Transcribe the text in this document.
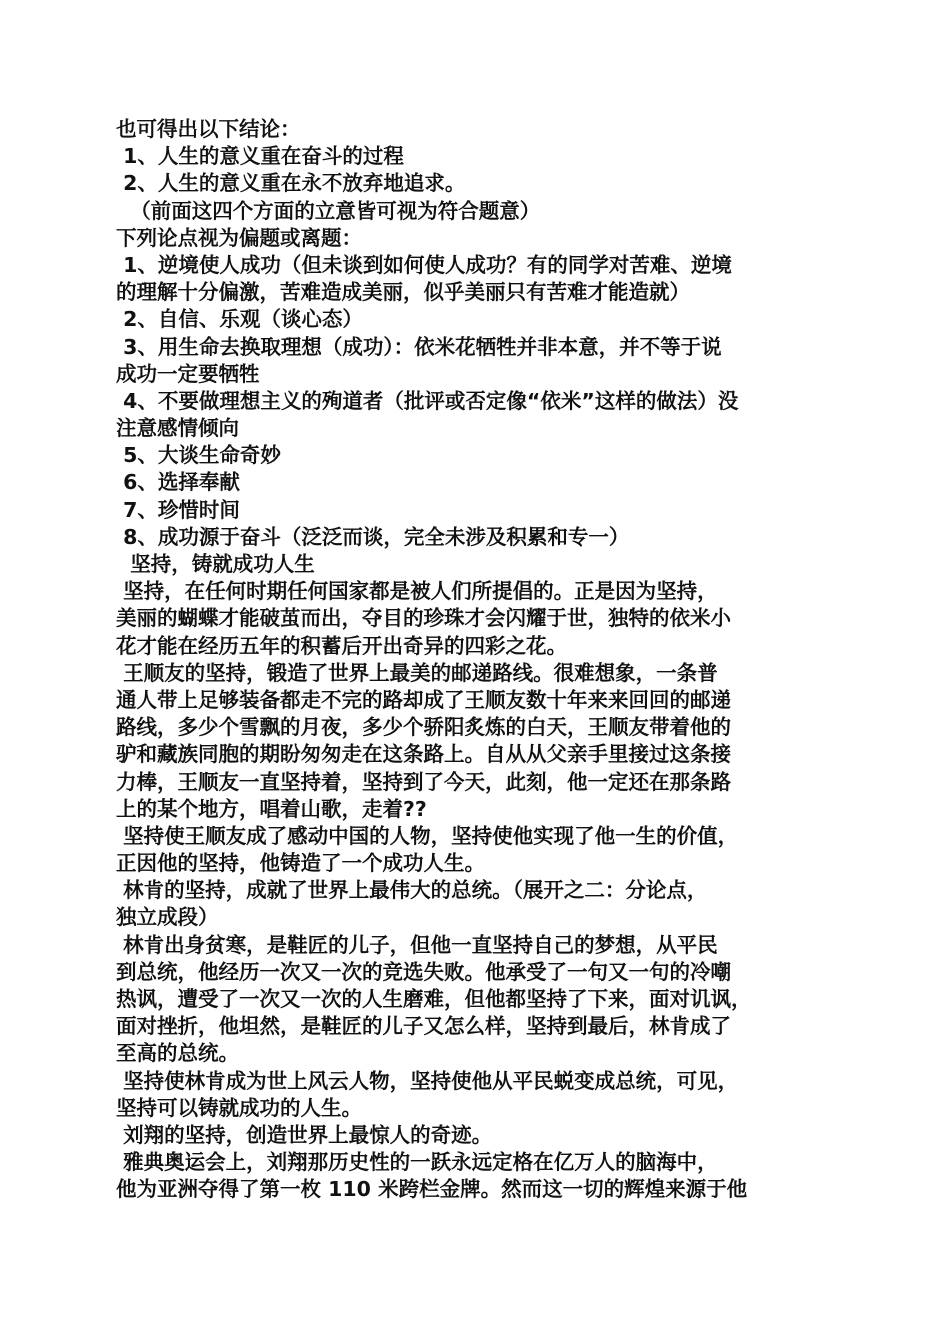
也可得出以下结论：
1、人生的意义重在奋斗的过程
2、人生的意义重在永不放弃地追求。
（前面这四个方面的立意皆可视为符合题意）
下列论点视为偏题或离题：
1、逆境使人成功（但未谈到如何使人成功？有的同学对苦难、逆境
的理解十分偏激，苦难造成美丽，似乎美丽只有苦难才能造就）
2、自信、乐观（谈心态）
3、用生命去换取理想（成功）：依米花牺牲并非本意，并不等于说
成功一定要牺牲
4、不要做理想主义的殉道者（批评或否定像“依米”这样的做法）没
注意感情倾向
5、大谈生命奇妙
6、选择奉献
7、珍惜时间
8、成功源于奋斗（泛泛而谈，完全未涉及积累和专一）
坚持，铸就成功人生
坚持，在任何时期任何国家都是被人们所提倡的。正是因为坚持，
美丽的蝴蝶才能破茧而出，夺目的珍珠才会闪耀于世，独特的依米小
花才能在经历五年的积蓄后开出奇异的四彩之花。
王顺友的坚持，锻造了世界上最美的邮递路线。很难想象，一条普
通人带上足够装备都走不完的路却成了王顺友数十年来来回回的邮递
路线，多少个雪飘的月夜，多少个骄阳炙炼的白天，王顺友带着他的
驴和藏族同胞的期盼匆匆走在这条路上。自从从父亲手里接过这条接
力棒，王顺友一直坚持着，坚持到了今天，此刻，他一定还在那条路
上的某个地方，唱着山歌，走着??
坚持使王顺友成了感动中国的人物，坚持使他实现了他一生的价值，
正因他的坚持，他铸造了一个成功人生。
林肯的坚持，成就了世界上最伟大的总统。（展开之二：分论点，
独立成段）
林肯出身贫寒，是鞋匠的儿子，但他一直坚持自己的梦想，从平民
到总统，他经历一次又一次的竞选失败。他承受了一句又一句的冷嘲
热讽，遭受了一次又一次的人生磨难，但他都坚持了下来，面对讥讽，
面对挫折，他坦然，是鞋匠的儿子又怎么样，坚持到最后，林肯成了
至高的总统。
坚持使林肯成为世上风云人物，坚持使他从平民蜕变成总统，可见，
坚持可以铸就成功的人生。
刘翔的坚持，创造世界上最惊人的奇迹。
雅典奥运会上，刘翔那历史性的一跃永远定格在亿万人的脑海中，
他为亚洲夺得了第一枚 110 米跨栏金牌。然而这一切的辉煌来源于他
